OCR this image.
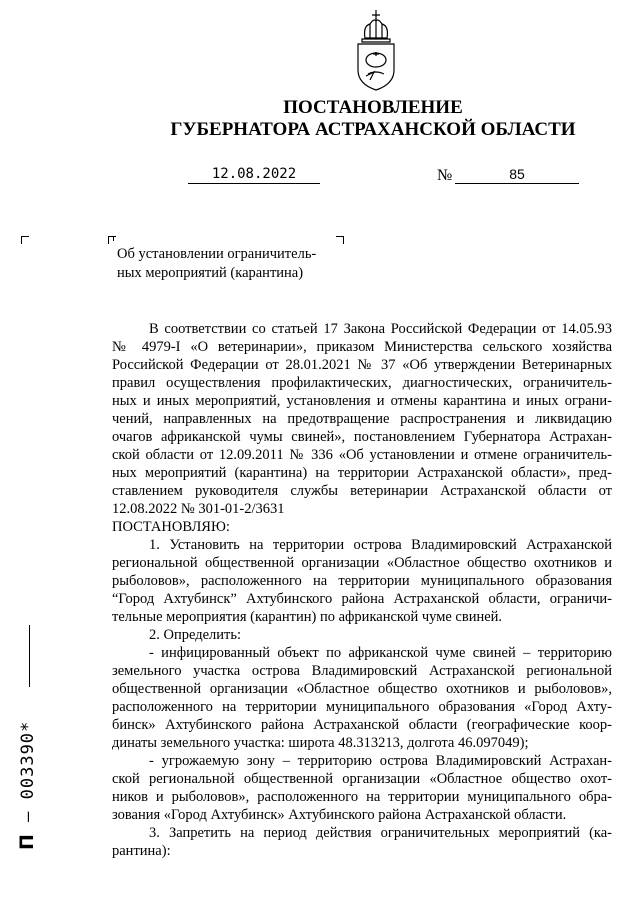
ПОСТАНОВЛЕНИЕ
ГУБЕРНАТОРА АСТРАХАНСКОЙ ОБЛАСТИ
12.08.2022	№	85
Об установлении ограничитель-
ных мероприятий (карантина)
В соответствии со статьей 17 Закона Российской Федерации от 14.05.93
№ 4979-I «О ветеринарии», приказом Министерства сельского хозяйства
Российской Федерации от 28.01.2021 № 37 «Об утверждении Ветеринарных
правил осуществления профилактических, диагностических, ограничитель-
ных и иных мероприятий, установления и отмены карантина и иных ограни-
чений, направленных на предотвращение распространения и ликвидацию
очагов африканской чумы свиней», постановлением Губернатора Астрахан-
ской области от 12.09.2011 № 336 «Об установлении и отмене ограничитель-
ных мероприятий (карантина) на территории Астраханской области», пред-
ставлением руководителя службы ветеринарии Астраханской области от
12.08.2022 № 301-01-2/3631
ПОСТАНОВЛЯЮ:
1. Установить на территории острова Владимировский Астраханской
региональной общественной организации «Областное общество охотников и
рыболовов», расположенного на территории муниципального образования
“Город Ахтубинск” Ахтубинского района Астраханской области, ограничи-
тельные мероприятия (карантин) по африканской чуме свиней.
2. Определить:
- инфицированный объект по африканской чуме свиней – территорию
земельного участка острова Владимировский Астраханской региональной
общественной организации «Областное общество охотников и рыболовов»,
расположенного на территории муниципального образования «Город Ахту-
бинск» Ахтубинского района Астраханской области (географические коор-
динаты земельного участка: широта 48.313213, долгота 46.097049);
- угрожаемую зону – территорию острова Владимировский Астрахан-
ской региональной общественной организации «Областное общество охот-
ников и рыболовов», расположенного на территории муниципального обра-
зования «Город Ахтубинск» Ахтубинского района Астраханской области.
3. Запретить на период действия ограничительных мероприятий (ка-
рантина):
П – 003390*
